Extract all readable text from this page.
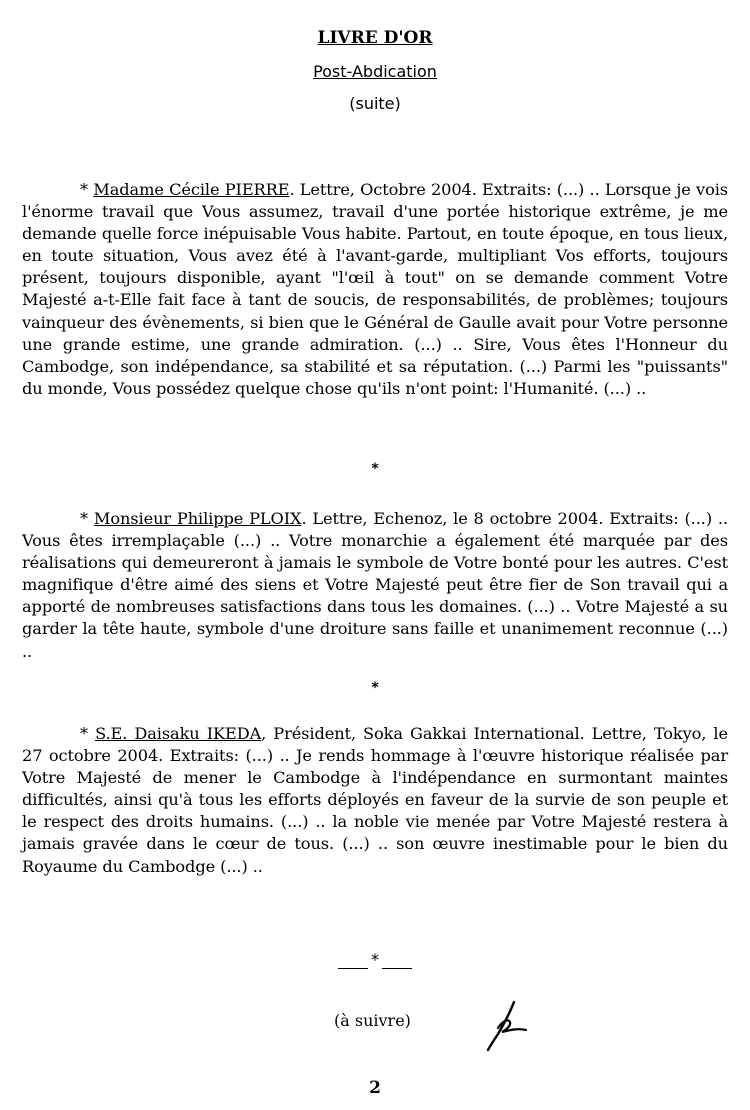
LIVRE D'OR
Post-Abdication
(suite)

* Madame Cécile PIERRE. Lettre, Octobre 2004. Extraits: (...) .. Lorsque je vois l'énorme travail que Vous assumez, travail d'une portée historique extrême, je me demande quelle force inépuisable Vous habite. Partout, en toute époque, en tous lieux, en toute situation, Vous avez été à l'avant-garde, multipliant Vos efforts, toujours présent, toujours disponible, ayant "l'œil à tout" on se demande comment Votre Majesté a-t-Elle fait face à tant de soucis, de responsabilités, de problèmes; toujours vainqueur des évènements, si bien que le Général de Gaulle avait pour Votre personne une grande estime, une grande admiration. (...) .. Sire, Vous êtes l'Honneur du Cambodge, son indépendance, sa stabilité et sa réputation. (...) Parmi les "puissants" du monde, Vous possédez quelque chose qu'ils n'ont point: l'Humanité. (...) ..

*

* Monsieur Philippe PLOIX. Lettre, Echenoz, le 8 octobre 2004. Extraits: (...) .. Vous êtes irremplaçable (...) .. Votre monarchie a également été marquée par des réalisations qui demeureront à jamais le symbole de Votre bonté pour les autres. C'est magnifique d'être aimé des siens et Votre Majesté peut être fier de Son travail qui a apporté de nombreuses satisfactions dans tous les domaines. (...) .. Votre Majesté a su garder la tête haute, symbole d'une droiture sans faille et unanimement reconnue (...) ..

*

* S.E. Daisaku IKEDA, Président, Soka Gakkai International. Lettre, Tokyo, le 27 octobre 2004. Extraits: (...) .. Je rends hommage à l'œuvre historique réalisée par Votre Majesté de mener le Cambodge à l'indépendance en surmontant maintes difficultés, ainsi qu'à tous les efforts déployés en faveur de la survie de son peuple et le respect des droits humains. (...) .. la noble vie menée par Votre Majesté restera à jamais gravée dans le cœur de tous. (...) .. son œuvre inestimable pour le bien du Royaume du Cambodge (...) ..

*
(à suivre)
2
